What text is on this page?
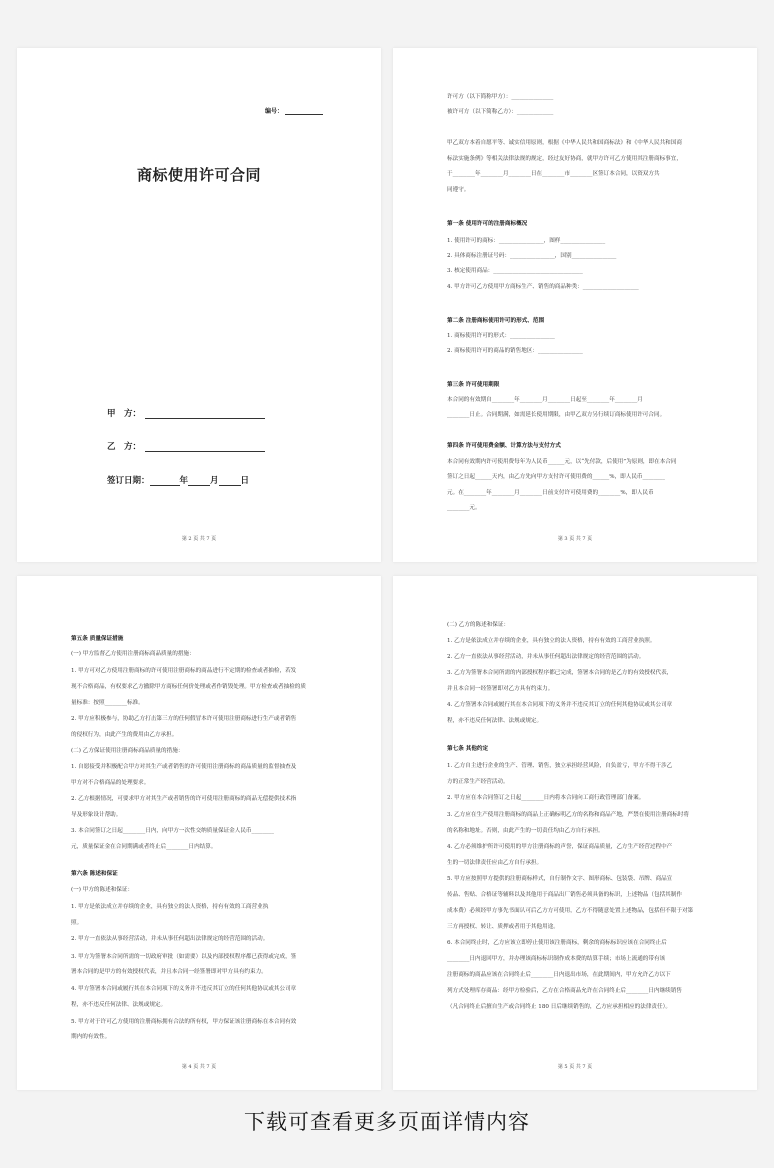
编号：
商标使用许可合同
甲　方：
乙　方：
签订日期：	年	月	日
第 2 页 共 7 页
许可方（以下简称甲方）：_______________
被许可方（以下简称乙方）：_____________
甲乙双方本着自愿平等、诚实信用原则，根据《中华人民共和国商标法》和《中华人民共和国商
标法实施条例》等相关法律法规的规定，经过友好协商，就甲方许可乙方使用其注册商标事宜，
于________年________月________日在________市________区签订本合同，以资双方共
同遵守。
第一条 使用许可的注册商标概况
1. 使用许可的商标：________________，图样________________
2. 具体商标注册证号码：________________，国别________________
3. 核定使用商品：________________________________
4. 甲方许可乙方使用甲方商标生产、销售的商品种类：____________________
第二条 注册商标使用许可的形式、范围
1. 商标使用许可的形式：________________
2. 商标使用许可的商品的销售地区：________________
第三条 许可使用期限
本合同的有效期自________年________月________日起至________年________月
________日止。合同期满，如需延长使用期限，由甲乙双方另行续订商标使用许可合同。
第四条 许可使用费金额、计算方法与支付方式
本合同有效期内许可使用费每年为人民币______元，以“先付款，后使用”为原则，即在本合同
签订之日起______天内，由乙方先向甲方支付许可使用费的______%，即人民币________
元。在________年________月________日前支付许可使用费的________%，即人民币
________元。
第 3 页 共 7 页
第五条 质量保证措施
(一) 甲方监督乙方使用注册商标商品质量的措施：
1. 甲方可对乙方使用注册商标的许可使用注册商标的商品进行不定期的检查或者抽检，若发
现不合格商品，有权要求乙方撤除甲方商标任何价处理或者作销毁处理。甲方检查或者抽检的质
量标准：按照________标准。
2. 甲方应积极参与，协助乙方打击第三方的任何假冒本许可使用注册商标进行生产或者销售
的侵权行为，由此产生的费用由乙方承担。
(二) 乙方保证使用注册商标商品质量的措施：
1. 自愿接受并积极配合甲方对其生产或者销售的许可使用注册商标的商品质量的监督抽查及
甲方对不合格商品的处理要求。
2. 乙方根据情况，可要求甲方对其生产或者销售的许可使用注册商标的商品无偿提供技术指
导及形象设计帮助。
3. 本合同签订之日起________日内，向甲方一次性交纳质量保证金人民币________
元，质量保证金在合同期满或者终止后________日内结算。
第六条 陈述和保证
(一) 甲方的陈述和保证：
1. 甲方是依法成立并存续的企业，具有独立的法人资格，持有有效的工商营业执
照。
2. 甲方一直依法从事经营活动，并未从事任何超出法律规定的经营范围的活动。
3. 甲方为签署本合同所需的一切政府审批（如需要）以及内部授权程序都已获得或完成，签
署本合同的是甲方的有效授权代表，并且本合同一经签署即对甲方具有约束力。
4. 甲方签署本合同或履行其在本合同项下的义务并不违反其订立的任何其他协议或其公司章
程，亦不违反任何法律、法规或规定。
5. 甲方对于许可乙方使用的注册商标拥有合法的所有权，甲方保证该注册商标在本合同有效
期内的有效性。
第 4 页 共 7 页
(二) 乙方的陈述和保证：
1. 乙方是依法成立并存续的企业，具有独立的法人资格，持有有效的工商营业执照。
2. 乙方一直依法从事经营活动，并未从事任何超出法律规定的经营范围的活动。
3. 乙方为签署本合同所需的内部授权程序都已完成，签署本合同的是乙方的有效授权代表，
并且本合同一经签署即对乙方具有约束力。
4. 乙方签署本合同或履行其在本合同项下的义务并不违反其订立的任何其他协议或其公司章
程，亦不违反任何法律、法规或规定。
第七条 其他约定
1. 乙方自主进行企业的生产、管理、销售，独立承担经营风险，自负盈亏，甲方不得干涉乙
方的正常生产经营活动。
2. 甲方应在本合同签订之日起________日内将本合同向工商行政管理部门备案。
3. 乙方应在生产使用注册商标的商品上正确标明乙方的名称和商品产地，严禁在使用注册商标时将
的名称和地址。否则，由此产生的一切责任均由乙方自行承担。
4. 乙方必须维护所许可使用的甲方注册商标的声誉，保证商品质量，乙方生产经营过程中产
生的一切法律责任应由乙方自行承担。
5. 甲方应按照甲方提供的注册商标样式，自行制作文字、图形商标、包装袋、吊牌、商品宣
传品、售贴、合格证等辅料以及其他用于商品出厂销售必须具备的标识，上述物品（包括其制作
成本费）必须经甲方事先书面认可后乙方方可使用，乙方不得随意处置上述物品，包括但不限于对第
三方再授权、转让、质押或者用于其他用途。
6. 本合同终止时，乙方应该立即停止使用该注册商标，剩余的商标标识应该在合同终止后
________日内退回甲方，并办理该商标标识制作成本费的结算手续；市场上流通的带有该
注册商标的商品应该在合同终止后________日内退出市场，在此期间内，甲方允许乙方以下
列方式处理库存商品：经甲方检验后，乙方在合格商品允许在合同终止后________日内继续销售
（凡合同终止后擅自生产或合同终止 180 日后继续销售的，乙方应承担相应的法律责任）。
第 5 页 共 7 页
下载可查看更多页面详情内容
